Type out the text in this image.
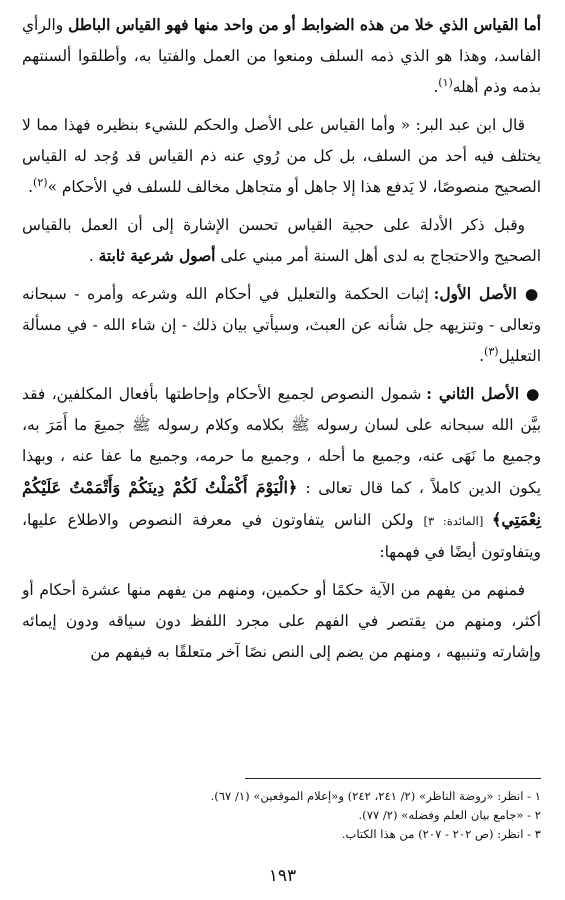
أما القياس الذي خلا من هذه الضوابط أو من واحد منها فهو القياس الباطل والرأي الفاسد، وهذا هو الذي ذمه السلف ومنعوا من العمل والفتيا به، وأطلقوا ألسنتهم بذمه وذم أهله$^{(١)}$.

قال ابن عبد البر: « وأما القياس على الأصل والحكم للشيء بنظيره فهذا مما لا يختلف فيه أحد من السلف، بل كل من رُوي عنه ذم القياس قد وُجد له القياس الصحيح منصوصًا، لا يَدفع هذا إلا جاهل أو متجاهل مخالف للسلف في الأحكام »$^{(٢)}$.

وقبل ذكر الأدلة على حجية القياس تحسن الإشارة إلى أن العمل بالقياس الصحيح والاحتجاج به لدى أهل السنة أمر مبني على أصول شرعية ثابتة .

● الأصل الأول: إثبات الحكمة والتعليل في أحكام الله وشرعه وأمره - سبحانه وتعالى - وتنزيهه جل شأنه عن العبث، وسيأتي بيان ذلك - إن شاء الله - في مسألة التعليل$^{(٣)}$.

● الأصل الثاني : شمول النصوص لجميع الأحكام وإحاطتها بأفعال المكلفين، فقد بيَّن الله سبحانه على لسان رسوله ﷺ بكلامه وكلام رسوله ﷺ جميعَ ما أَمَرَ به، وجميع ما نَهَى عنه، وجميع ما أحله ، وجميع ما حرمه، وجميع ما عفا عنه ، وبهذا يكون الدين كاملاً ، كما قال تعالى : ﴿الْيَوْمَ أَكْمَلْتُ لَكُمْ دِينَكُمْ وَأَتْمَمْتُ عَلَيْكُمْ نِعْمَتِي﴾ [المائدة: ٣] ولكن الناس يتفاوتون في معرفة النصوص والاطلاع عليها، ويتفاوتون أيضًا في فهمها:

فمنهم من يفهم من الآية حكمًا أو حكمين، ومنهم من يفهم منها عشرة أحكام أو أكثر، ومنهم من يقتصر في الفهم على مجرد اللفظ دون سياقه ودون إيمائه وإشارته وتنبيهه ، ومنهم من يضم إلى النص نصًا آخر متعلقًا به فيفهم من

١ - انظر: «روضة الناظر» (٢/ ٢٤١، ٢٤٢) و«إعلام الموقعين» (١/ ٦٧).
٢ - «جامع بيان العلم وفضله» (٢/ ٧٧).
٣ - انظر: (ص ٢٠٢ - ٢٠٧) من هذا الكتاب.
١٩٣
